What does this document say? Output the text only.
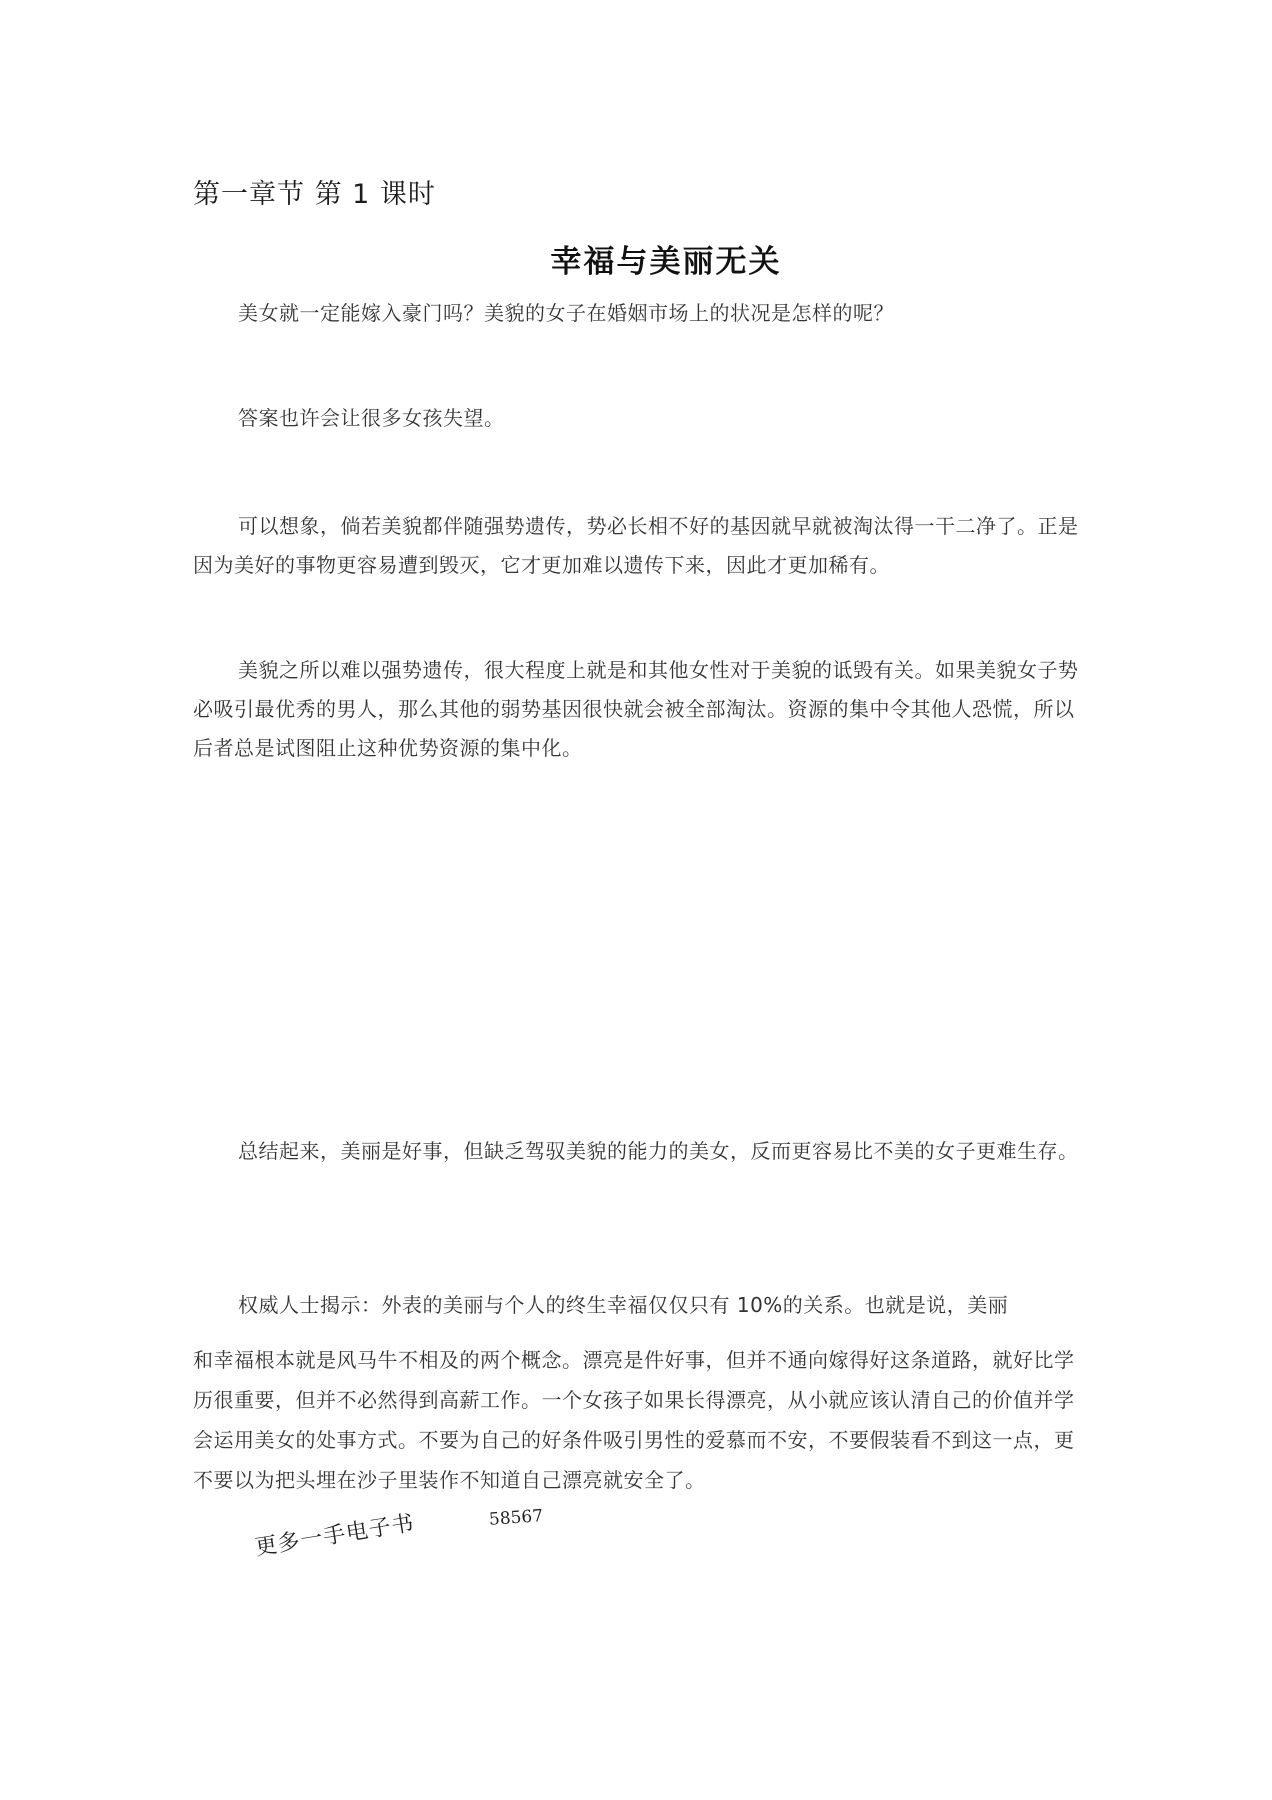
第一章节 第 1 课时
幸福与美丽无关

美女就一定能嫁入豪门吗？美貌的女子在婚姻市场上的状况是怎样的呢？

答案也许会让很多女孩失望。

可以想象，倘若美貌都伴随强势遗传，势必长相不好的基因就早就被淘汰得一干二净了。正是因为美好的事物更容易遭到毁灭，它才更加难以遗传下来，因此才更加稀有。

美貌之所以难以强势遗传，很大程度上就是和其他女性对于美貌的诋毁有关。如果美貌女子势必吸引最优秀的男人，那么其他的弱势基因很快就会被全部淘汰。资源的集中令其他人恐慌，所以后者总是试图阻止这种优势资源的集中化。

总结起来，美丽是好事，但缺乏驾驭美貌的能力的美女，反而更容易比不美的女子更难生存。

权威人士揭示：外表的美丽与个人的终生幸福仅仅只有 10%的关系。也就是说，美丽

和幸福根本就是风马牛不相及的两个概念。漂亮是件好事，但并不通向嫁得好这条道路，就好比学历很重要，但并不必然得到高薪工作。一个女孩子如果长得漂亮，从小就应该认清自己的价值并学会运用美女的处事方式。不要为自己的好条件吸引男性的爱慕而不安，不要假装看不到这一点，更不要以为把头埋在沙子里装作不知道自己漂亮就安全了。

更多一手电子书	58567
